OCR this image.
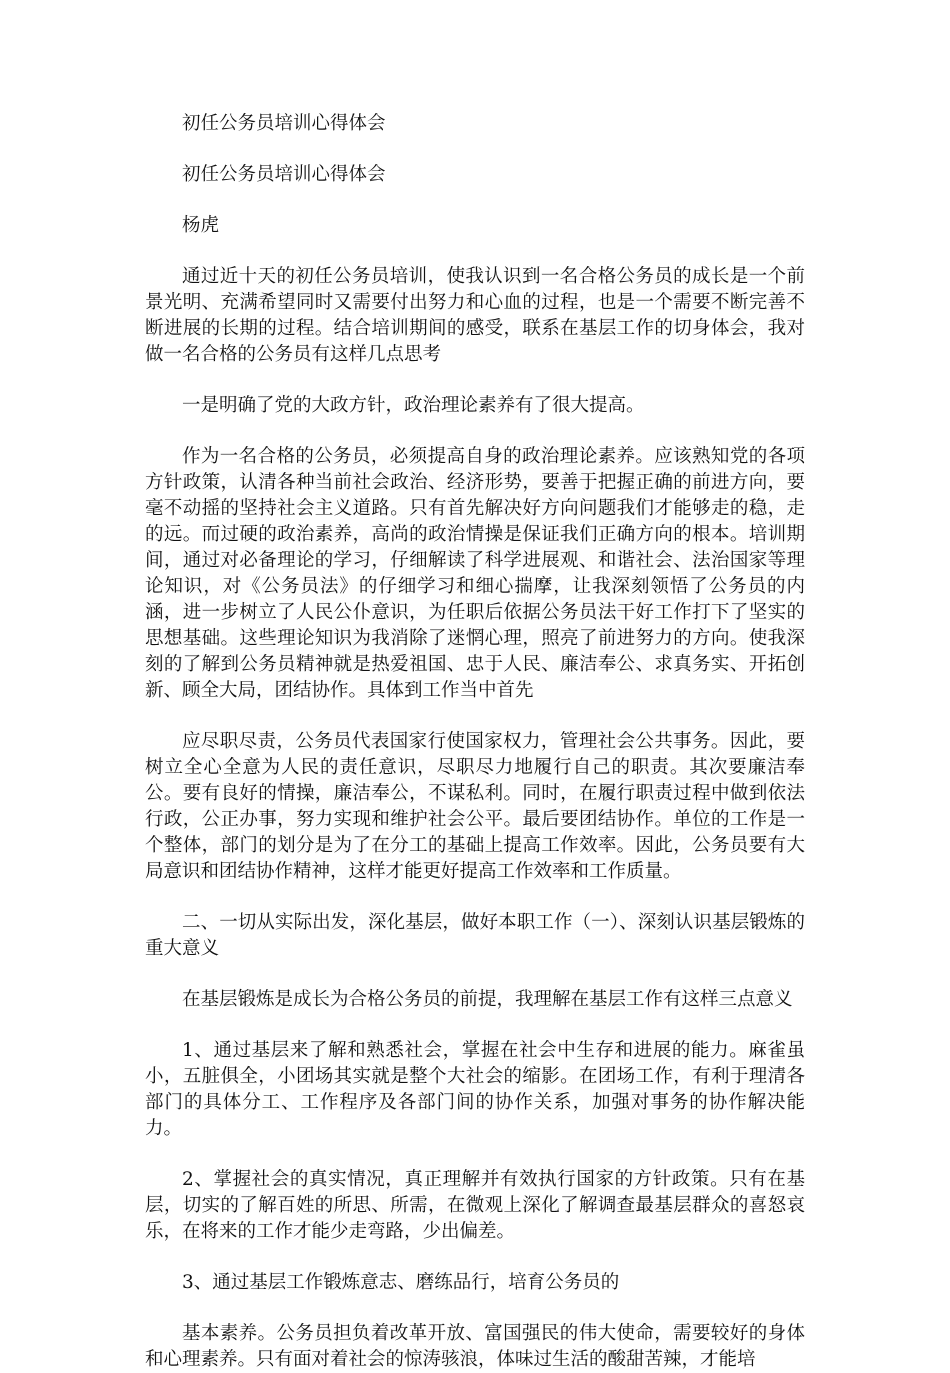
初任公务员培训心得体会

初任公务员培训心得体会

杨虎

通过近十天的初任公务员培训，使我认识到一名合格公务员的成长是一个前景光明、充满希望同时又需要付出努力和心血的过程，也是一个需要不断完善不断进展的长期的过程。结合培训期间的感受，联系在基层工作的切身体会，我对做一名合格的公务员有这样几点思考

一是明确了党的大政方针，政治理论素养有了很大提高。

作为一名合格的公务员，必须提高自身的政治理论素养。应该熟知党的各项方针政策，认清各种当前社会政治、经济形势，要善于把握正确的前进方向，要毫不动摇的坚持社会主义道路。只有首先解决好方向问题我们才能够走的稳，走的远。而过硬的政治素养，高尚的政治情操是保证我们正确方向的根本。培训期间，通过对必备理论的学习，仔细解读了科学进展观、和谐社会、法治国家等理论知识，对《公务员法》的仔细学习和细心揣摩，让我深刻领悟了公务员的内涵，进一步树立了人民公仆意识，为任职后依据公务员法干好工作打下了坚实的思想基础。这些理论知识为我消除了迷惘心理，照亮了前进努力的方向。使我深刻的了解到公务员精神就是热爱祖国、忠于人民、廉洁奉公、求真务实、开拓创新、顾全大局，团结协作。具体到工作当中首先

应尽职尽责，公务员代表国家行使国家权力，管理社会公共事务。因此，要树立全心全意为人民的责任意识，尽职尽力地履行自己的职责。其次要廉洁奉公。要有良好的情操，廉洁奉公，不谋私利。同时，在履行职责过程中做到依法行政，公正办事，努力实现和维护社会公平。最后要团结协作。单位的工作是一个整体，部门的划分是为了在分工的基础上提高工作效率。因此，公务员要有大局意识和团结协作精神，这样才能更好提高工作效率和工作质量。

二、一切从实际出发，深化基层，做好本职工作（一）、深刻认识基层锻炼的重大意义

在基层锻炼是成长为合格公务员的前提，我理解在基层工作有这样三点意义

1、通过基层来了解和熟悉社会，掌握在社会中生存和进展的能力。麻雀虽小，五脏俱全，小团场其实就是整个大社会的缩影。在团场工作，有利于理清各部门的具体分工、工作程序及各部门间的协作关系，加强对事务的协作解决能力。

2、掌握社会的真实情况，真正理解并有效执行国家的方针政策。只有在基层，切实的了解百姓的所思、所需，在微观上深化了解调查最基层群众的喜怒哀乐，在将来的工作才能少走弯路，少出偏差。

3、通过基层工作锻炼意志、磨练品行，培育公务员的

基本素养。公务员担负着改革开放、富国强民的伟大使命，需要较好的身体和心理素养。只有面对着社会的惊涛骇浪，体味过生活的酸甜苦辣，才能培
